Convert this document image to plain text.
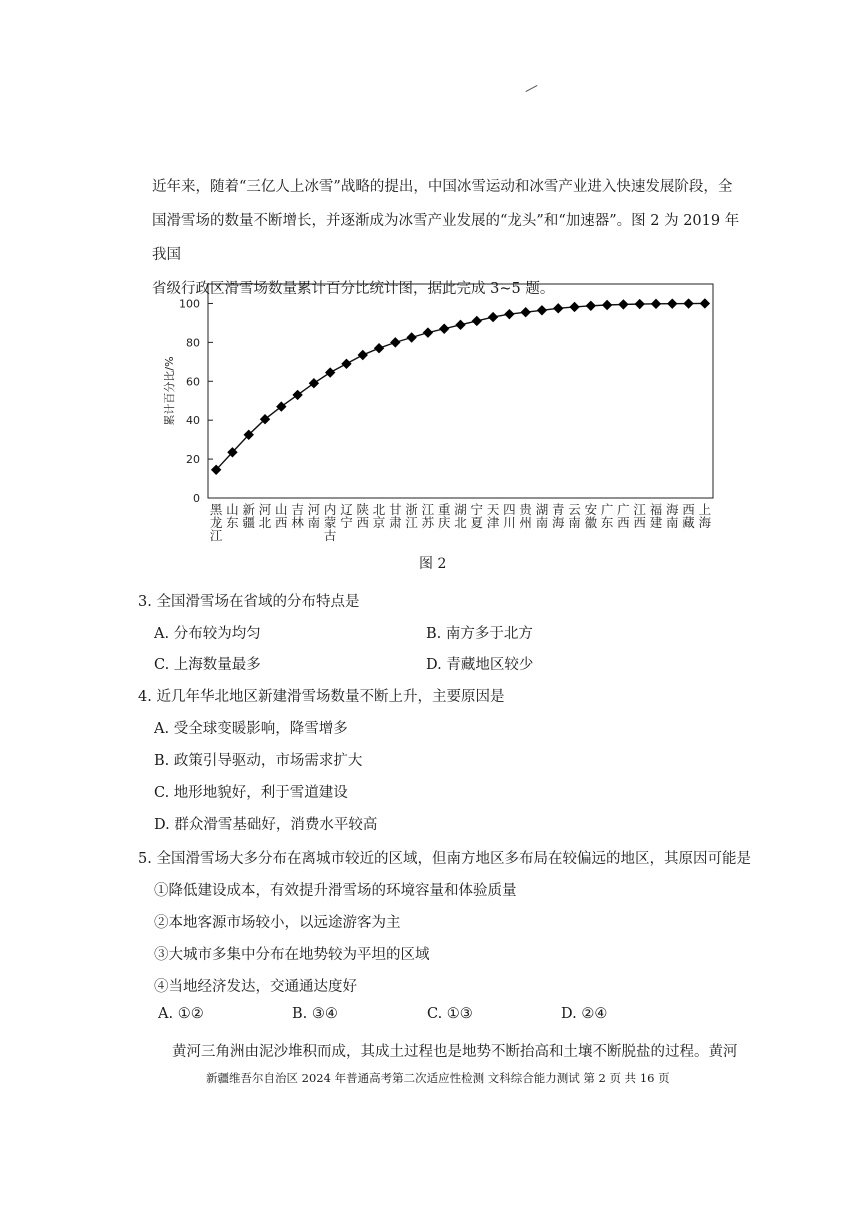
近年来，随着“三亿人上冰雪”战略的提出，中国冰雪运动和冰雪产业进入快速发展阶段，全

国滑雪场的数量不断增长，并逐渐成为冰雪产业发展的“龙头”和“加速器”。图 2 为 2019 年我国

省级行政区滑雪场数量累计百分比统计图，据此完成 3~5 题。

0
20
40
60
80
100
累计百分比/%
黑龙江
山东
新疆
河北
山西
吉林
河南
内蒙古
辽宁
陕西
北京
甘肃
浙江
江苏
重庆
湖北
宁夏
天津
四川
贵州
湖南
青海
云南
安徽
广东
广西
江西
福建
海南
西藏
上海
图 2
3. 全国滑雪场在省域的分布特点是
A. 分布较为均匀	B. 南方多于北方
C. 上海数量最多	D. 青藏地区较少
4. 近几年华北地区新建滑雪场数量不断上升，主要原因是
A. 受全球变暖影响，降雪增多
B. 政策引导驱动，市场需求扩大
C. 地形地貌好，利于雪道建设
D. 群众滑雪基础好，消费水平较高
5. 全国滑雪场大多分布在离城市较近的区域，但南方地区多布局在较偏远的地区，其原因可能是
①降低建设成本，有效提升滑雪场的环境容量和体验质量
②本地客源市场较小，以远途游客为主
③大城市多集中分布在地势较为平坦的区域
④当地经济发达，交通通达度好
A. ①②	B. ③④	C. ①③	D. ②④
黄河三角洲由泥沙堆积而成，其成土过程也是地势不断抬高和土壤不断脱盐的过程。黄河
新疆维吾尔自治区 2024 年普通高考第二次适应性检测 文科综合能力测试 第 2 页 共 16 页
